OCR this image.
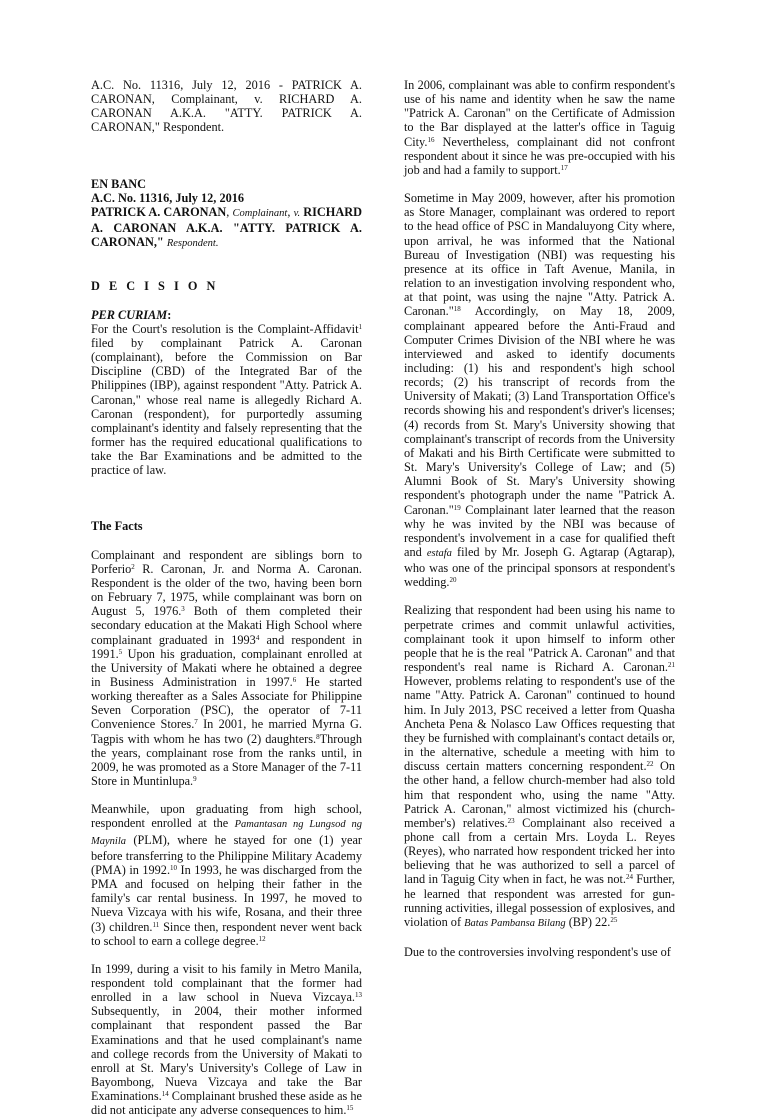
A.C. No. 11316, July 12, 2016 - PATRICK A. CARONAN, Complainant, v. RICHARD A. CARONAN A.K.A. "ATTY. PATRICK A. CARONAN," Respondent.

EN BANC

A.C. No. 11316, July 12, 2016

PATRICK A. CARONAN, Complainant, v. RICHARD A. CARONAN A.K.A. "ATTY. PATRICK A. CARONAN," Respondent.

D E C I S I O N

PER CURIAM:

For the Court's resolution is the Complaint-Affidavit$^1$ filed by complainant Patrick A. Caronan (complainant), before the Commission on Bar Discipline (CBD) of the Integrated Bar of the Philippines (IBP), against respondent "Atty. Patrick A. Caronan," whose real name is allegedly Richard A. Caronan (respondent), for purportedly assuming complainant's identity and falsely representing that the former has the required educational qualifications to take the Bar Examinations and be admitted to the practice of law.

The Facts

Complainant and respondent are siblings born to Porferio$^2$ R. Caronan, Jr. and Norma A. Caronan. Respondent is the older of the two, having been born on February 7, 1975, while complainant was born on August 5, 1976.$^3$ Both of them completed their secondary education at the Makati High School where complainant graduated in 1993$^4$ and respondent in 1991.$^5$ Upon his graduation, complainant enrolled at the University of Makati where he obtained a degree in Business Administration in 1997.$^6$ He started working thereafter as a Sales Associate for Philippine Seven Corporation (PSC), the operator of 7-11 Convenience Stores.$^7$ In 2001, he married Myrna G. Tagpis with whom he has two (2) daughters.$^8$Through the years, complainant rose from the ranks until, in 2009, he was promoted as a Store Manager of the 7-11 Store in Muntinlupa.$^9$

Meanwhile, upon graduating from high school, respondent enrolled at the Pamantasan ng Lungsod ng Maynila (PLM), where he stayed for one (1) year before transferring to the Philippine Military Academy (PMA) in 1992.10 In 1993, he was discharged from the PMA and focused on helping their father in the family's car rental business. In 1997, he moved to Nueva Vizcaya with his wife, Rosana, and their three (3) children.$^{11}$ Since then, respondent never went back to school to earn a college degree.$^{12}$

In 1999, during a visit to his family in Metro Manila, respondent told complainant that the former had enrolled in a law school in Nueva Vizcaya.$^{13}$ Subsequently, in 2004, their mother informed complainant that respondent passed the Bar Examinations and that he used complainant's name and college records from the University of Makati to enroll at St. Mary's University's College of Law in Bayombong, Nueva Vizcaya and take the Bar Examinations.$^{14}$ Complainant brushed these aside as he did not anticipate any adverse consequences to him.$^{15}$

In 2006, complainant was able to confirm respondent's use of his name and identity when he saw the name "Patrick A. Caronan" on the Certificate of Admission to the Bar displayed at the latter's office in Taguig City.$^{16}$ Nevertheless, complainant did not confront respondent about it since he was pre-occupied with his job and had a family to support.$^{17}$

Sometime in May 2009, however, after his promotion as Store Manager, complainant was ordered to report to the head office of PSC in Mandaluyong City where, upon arrival, he was informed that the National Bureau of Investigation (NBI) was requesting his presence at its office in Taft Avenue, Manila, in relation to an investigation involving respondent who, at that point, was using the najne "Atty. Patrick A. Caronan."$^{18}$ Accordingly, on May 18, 2009, complainant appeared before the Anti-Fraud and Computer Crimes Division of the NBI where he was interviewed and asked to identify documents including: (1) his and respondent's high school records; (2) his transcript of records from the University of Makati; (3) Land Transportation Office's records showing his and respondent's driver's licenses; (4) records from St. Mary's University showing that complainant's transcript of records from the University of Makati and his Birth Certificate were submitted to St. Mary's University's College of Law; and (5) Alumni Book of St. Mary's University showing respondent's photograph under the name "Patrick A. Caronan."$^{19}$ Complainant later learned that the reason why he was invited by the NBI was because of respondent's involvement in a case for qualified theft and estafa filed by Mr. Joseph G. Agtarap (Agtarap), who was one of the principal sponsors at respondent's wedding.$^{20}$

Realizing that respondent had been using his name to perpetrate crimes and commit unlawful activities, complainant took it upon himself to inform other people that he is the real "Patrick A. Caronan" and that respondent's real name is Richard A. Caronan.$^{21}$ However, problems relating to respondent's use of the name "Atty. Patrick A. Caronan" continued to hound him. In July 2013, PSC received a letter from Quasha Ancheta Pena & Nolasco Law Offices requesting that they be furnished with complainant's contact details or, in the alternative, schedule a meeting with him to discuss certain matters concerning respondent.$^{22}$ On the other hand, a fellow church-member had also told him that respondent who, using the name "Atty. Patrick A. Caronan," almost victimized his (church-member's) relatives.$^{23}$ Complainant also received a phone call from a certain Mrs. Loyda L. Reyes (Reyes), who narrated how respondent tricked her into believing that he was authorized to sell a parcel of land in Taguig City when in fact, he was not.$^{24}$ Further, he learned that respondent was arrested for gun-running activities, illegal possession of explosives, and violation of Batas Pambansa Bilang (BP) 22.25

Due to the controversies involving respondent's use of
